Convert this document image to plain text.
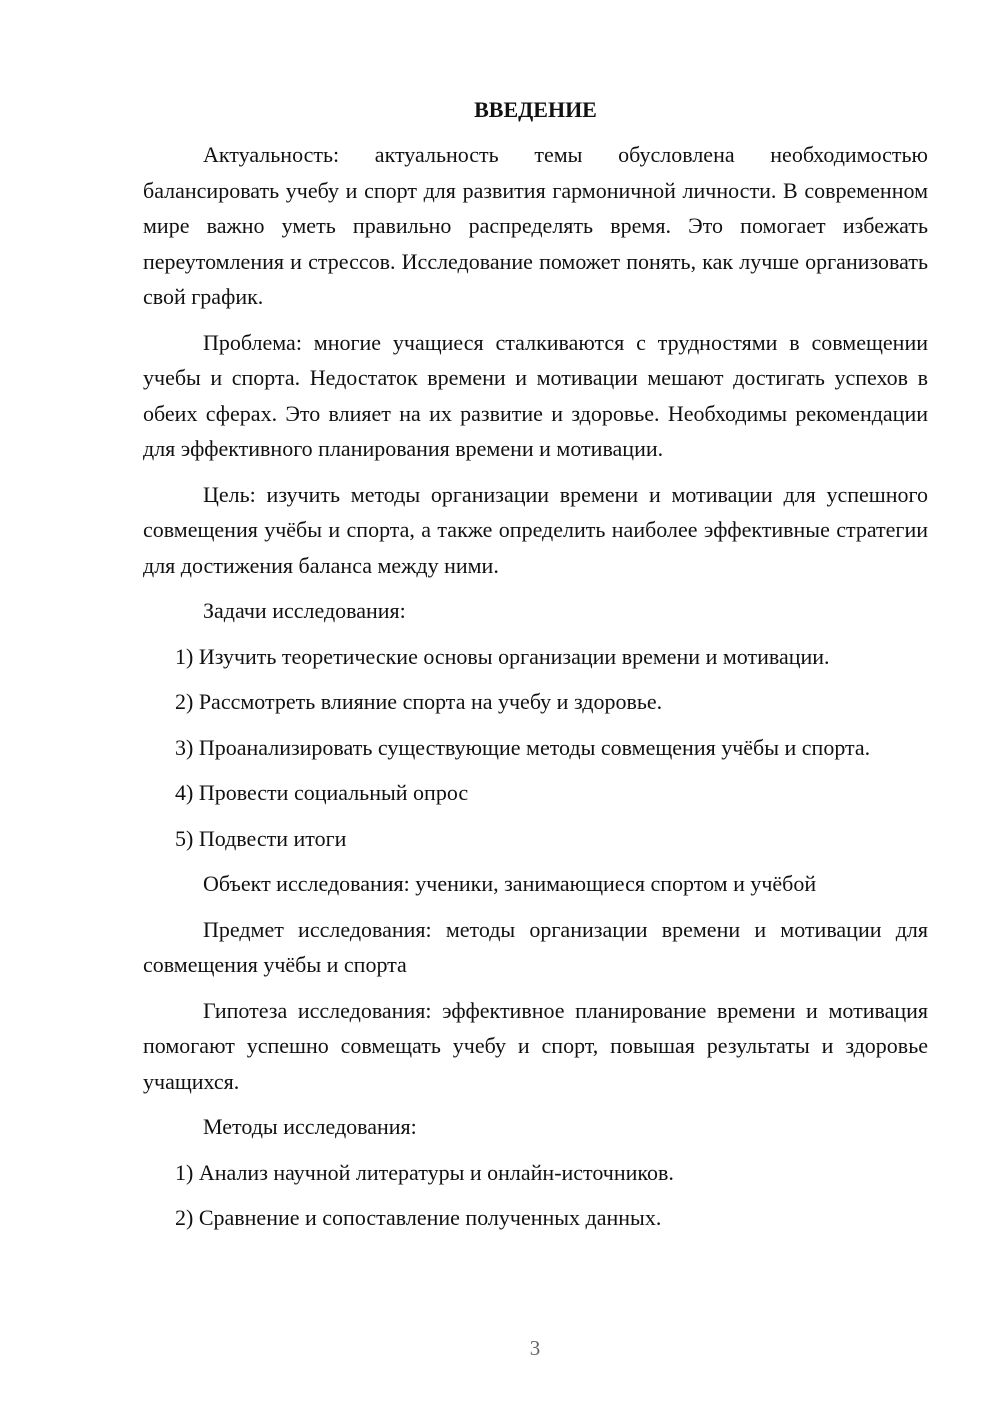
ВВЕДЕНИЕ

Актуальность: актуальность темы обусловлена необходимостью балансировать учебу и спорт для развития гармоничной личности. В современном мире важно уметь правильно распределять время. Это помогает избежать переутомления и стрессов. Исследование поможет понять, как лучше организовать свой график.

Проблема: многие учащиеся сталкиваются с трудностями в совмещении учебы и спорта. Недостаток времени и мотивации мешают достигать успехов в обеих сферах. Это влияет на их развитие и здоровье. Необходимы рекомендации для эффективного планирования времени и мотивации.

Цель: изучить методы организации времени и мотивации для успешного совмещения учёбы и спорта, а также определить наиболее эффективные стратегии для достижения баланса между ними.

Задачи исследования:

1) Изучить теоретические основы организации времени и мотивации.

2) Рассмотреть влияние спорта на учебу и здоровье.

3) Проанализировать существующие методы совмещения учёбы и спорта.

4) Провести социальный опрос

5) Подвести итоги

Объект исследования: ученики, занимающиеся спортом и учёбой

Предмет исследования: методы организации времени и мотивации для совмещения учёбы и спорта

Гипотеза исследования: эффективное планирование времени и мотивация помогают успешно совмещать учебу и спорт, повышая результаты и здоровье учащихся.

Методы исследования:

1) Анализ научной литературы и онлайн-источников.

2) Сравнение и сопоставление полученных данных.

3
